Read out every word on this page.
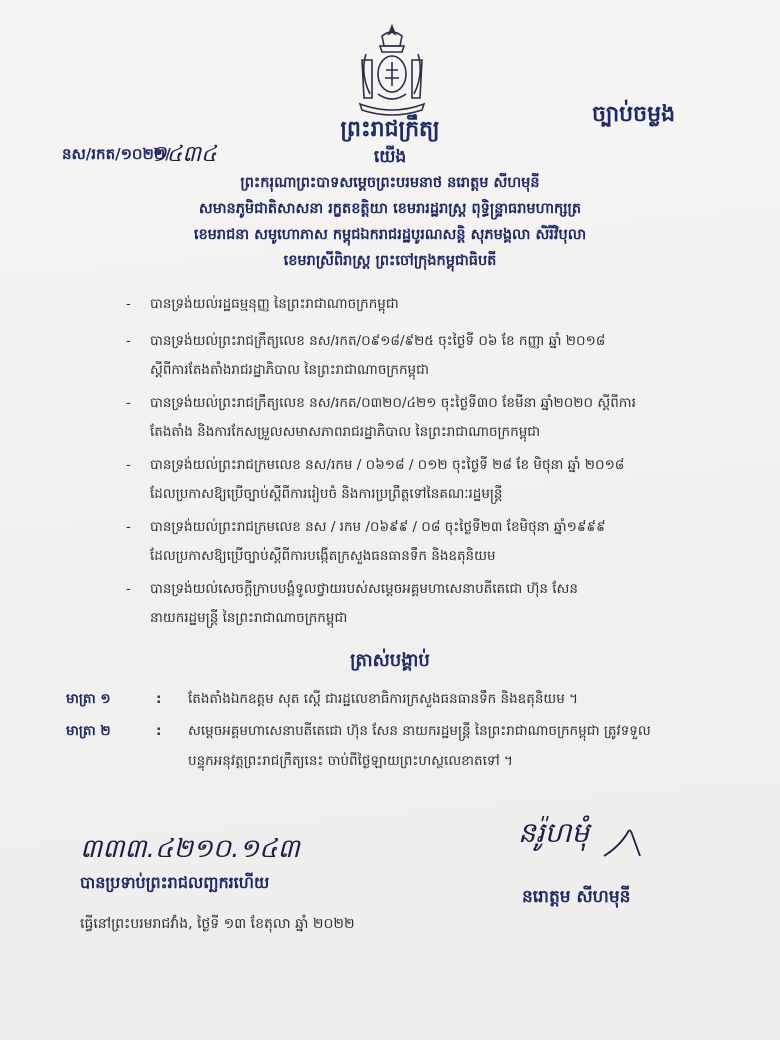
ព្រះរាជក្រឹត្យ
ច្បាប់ចម្លង
នស/រកត/១០២២/
១៤៣៤	យើង
ព្រះករុណាព្រះបាទសម្តេចព្រះបរមនាថ នរោត្តម សីហមុនី
សមានភូមិជាតិសាសនា រក្ខតខត្តិយា ខេមរារដ្ឋរាស្ត្រ ពុទ្ធិន្ទ្រាធរាមហាក្សត្រ
ខេមរាជនា សមូហោភាស កម្ពុជឯករាជរដ្ឋបូរណសន្តិ សុភមង្គលា សិរីវិបុលា
ខេមរាស្រីពិរាស្ត្រ ព្រះចៅក្រុងកម្ពុជាធិបតី
- បានទ្រង់យល់រដ្ឋធម្មនុញ្ញ នៃព្រះរាជាណាចក្រកម្ពុជា
- បានទ្រង់យល់ព្រះរាជក្រឹត្យលេខ នស/រកត/០៩១៨/៩២៥ ចុះថ្ងៃទី ០៦ ខែ កញ្ញា ឆ្នាំ ២០១៨
ស្តីពីការតែងតាំងរាជរដ្ឋាភិបាល នៃព្រះរាជាណាចក្រកម្ពុជា
- បានទ្រង់យល់ព្រះរាជក្រឹត្យលេខ នស/រកត/០៣២០/៤២១ ចុះថ្ងៃទី៣០ ខែមីនា ឆ្នាំ២០២០ ស្តីពីការ
តែងតាំង និងការកែសម្រួលសមាសភាពរាជរដ្ឋាភិបាល នៃព្រះរាជាណាចក្រកម្ពុជា
- បានទ្រង់យល់ព្រះរាជក្រមលេខ នស/រកម / ០៦១៨ / ០១២ ចុះថ្ងៃទី ២៨ ខែ មិថុនា ឆ្នាំ ២០១៨
ដែលប្រកាសឱ្យប្រើច្បាប់ស្តីពីការរៀបចំ និងការប្រព្រឹត្តទៅនៃគណៈរដ្ឋមន្ត្រី
- បានទ្រង់យល់ព្រះរាជក្រមលេខ នស / រកម /០៦៩៩ / ០៨ ចុះថ្ងៃទី២៣ ខែមិថុនា ឆ្នាំ១៩៩៩
ដែលប្រកាសឱ្យប្រើច្បាប់ស្តីពីការបង្កើតក្រសួងធនធានទឹក និងឧតុនិយម
- បានទ្រង់យល់សេចក្តីក្រាបបង្គំទូលថ្វាយរបស់សម្តេចអគ្គមហាសេនាបតីតេជោ ហ៊ុន សែន
នាយករដ្ឋមន្ត្រី នៃព្រះរាជាណាចក្រកម្ពុជា
ត្រាស់បង្គាប់
មាត្រា ១	: តែងតាំងឯកឧត្តម សុត ស្តើ ជារដ្ឋលេខាធិការក្រសួងធនធានទឹក និងឧតុនិយម ។
មាត្រា ២	: សម្តេចអគ្គមហាសេនាបតីតេជោ ហ៊ុន សែន នាយករដ្ឋមន្ត្រី នៃព្រះរាជាណាចក្រកម្ពុជា ត្រូវទទួល
បន្ទុកអនុវត្តព្រះរាជក្រឹត្យនេះ ចាប់ពីថ្ងៃឡាយព្រះហស្ថលេខាតទៅ ។
៣៣៣.៤២១០.១៤៣
បានប្រទាប់ព្រះរាជលញ្ឆករហើយ
ធ្វើនៅព្រះបរមរាជវាំង, ថ្ងៃទី ១៣ ខែតុលា ឆ្នាំ ២០២២
នរ៉ូហមុំ
នរោត្តម សីហមុនី
